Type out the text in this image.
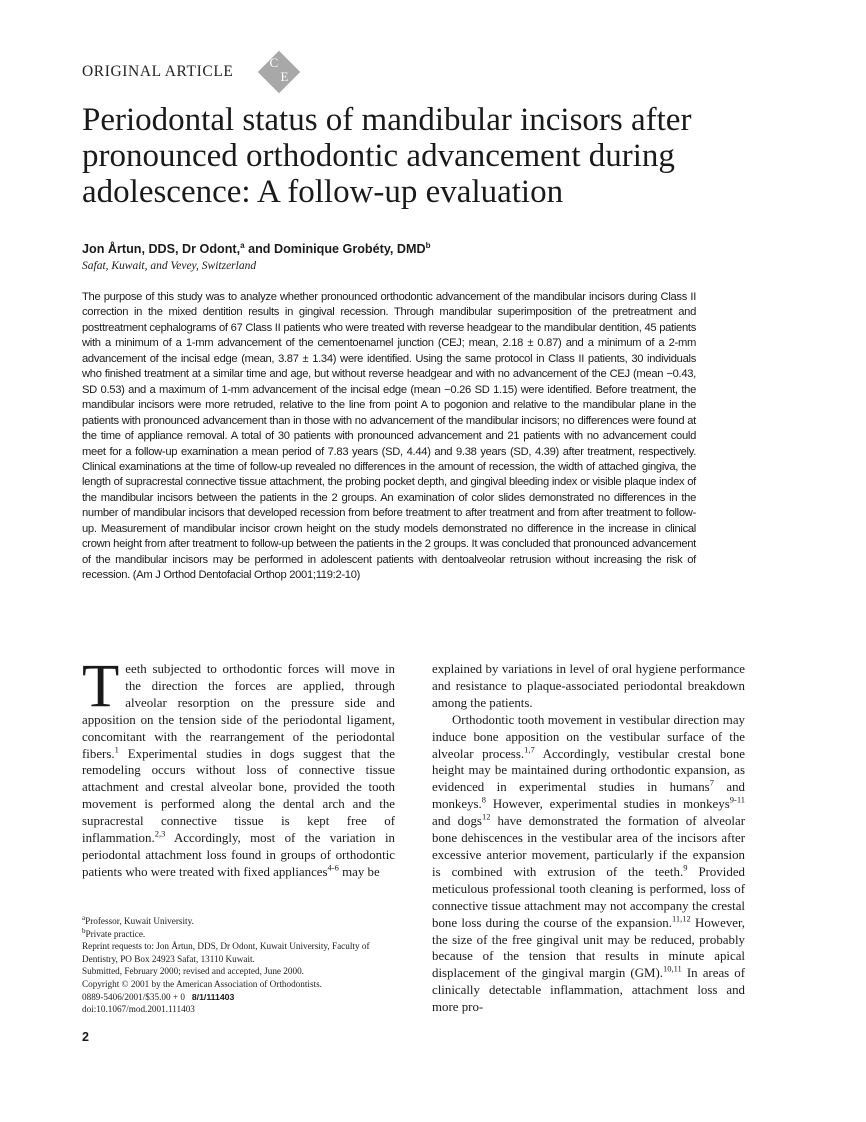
ORIGINAL ARTICLE
C
E
Periodontal status of mandibular incisors after pronounced orthodontic advancement during adolescence: A follow-up evaluation
Jon Årtun, DDS, Dr Odont,$^a$ and Dominique Grobéty, DMD$^b$
Safat, Kuwait, and Vevey, Switzerland

The purpose of this study was to analyze whether pronounced orthodontic advancement of the mandibular incisors during Class II correction in the mixed dentition results in gingival recession. Through mandibular superimposition of the pretreatment and posttreatment cephalograms of 67 Class II patients who were treated with reverse headgear to the mandibular dentition, 45 patients with a minimum of a 1-mm advancement of the cementoenamel junction (CEJ; mean, 2.18 ± 0.87) and a minimum of a 2-mm advancement of the incisal edge (mean, 3.87 ± 1.34) were identified. Using the same protocol in Class II patients, 30 individuals who finished treatment at a similar time and age, but without reverse headgear and with no advancement of the CEJ (mean −0.43, SD 0.53) and a maximum of 1-mm advancement of the incisal edge (mean −0.26 SD 1.15) were identified. Before treatment, the mandibular incisors were more retruded, relative to the line from point A to pogonion and relative to the mandibular plane in the patients with pronounced advancement than in those with no advancement of the mandibular incisors; no differences were found at the time of appliance removal. A total of 30 patients with pronounced advancement and 21 patients with no advancement could meet for a follow-up examination a mean period of 7.83 years (SD, 4.44) and 9.38 years (SD, 4.39) after treatment, respectively. Clinical examinations at the time of follow-up revealed no differences in the amount of recession, the width of attached gingiva, the length of supracrestal connective tissue attachment, the probing pocket depth, and gingival bleeding index or visible plaque index of the mandibular incisors between the patients in the 2 groups. An examination of color slides demonstrated no differences in the number of mandibular incisors that developed recession from before treatment to after treatment and from after treatment to follow-up. Measurement of mandibular incisor crown height on the study models demonstrated no difference in the increase in clinical crown height from after treatment to follow-up between the patients in the 2 groups. It was concluded that pronounced advancement of the mandibular incisors may be performed in adolescent patients with dentoalveolar retrusion without increasing the risk of recession. (Am J Orthod Dentofacial Orthop 2001;119:2-10)

Teeth subjected to orthodontic forces will move in the direction the forces are applied, through alveolar resorption on the pressure side and apposition on the tension side of the periodontal ligament, concomitant with the rearrangement of the periodontal fibers.$^1$ Experimental studies in dogs suggest that the remodeling occurs without loss of connective tissue attachment and crestal alveolar bone, provided the tooth movement is performed along the dental arch and the supracrestal connective tissue is kept free of inflammation.$^{2,3}$ Accordingly, most of the variation in periodontal attachment loss found in groups of orthodontic patients who were treated with fixed appliances$^{4-6}$ may be

explained by variations in level of oral hygiene performance and resistance to plaque-associated periodontal breakdown among the patients.

Orthodontic tooth movement in vestibular direction may induce bone apposition on the vestibular surface of the alveolar process.$^{1,7}$ Accordingly, vestibular crestal bone height may be maintained during orthodontic expansion, as evidenced in experimental studies in humans$^7$ and monkeys.$^8$ However, experimental studies in monkeys$^{9-11}$ and dogs$^{12}$ have demonstrated the formation of alveolar bone dehiscences in the vestibular area of the incisors after excessive anterior movement, particularly if the expansion is combined with extrusion of the teeth.$^9$ Provided meticulous professional tooth cleaning is performed, loss of connective tissue attachment may not accompany the crestal bone loss during the course of the expansion.$^{11,12}$ However, the size of the free gingival unit may be reduced, probably because of the tension that results in minute apical displacement of the gingival margin (GM).$^{10,11}$ In areas of clinically detectable inflammation, attachment loss and more pro-

$^a$Professor, Kuwait University.
$^b$Private practice.
Reprint requests to: Jon Årtun, DDS, Dr Odont, Kuwait University, Faculty of
Dentistry, PO Box 24923 Safat, 13110 Kuwait.
Submitted, February 2000; revised and accepted, June 2000.
Copyright © 2001 by the American Association of Orthodontists.
0889-5406/2001/$35.00 + 0 8/1/111403
doi:10.1067/mod.2001.111403
2
